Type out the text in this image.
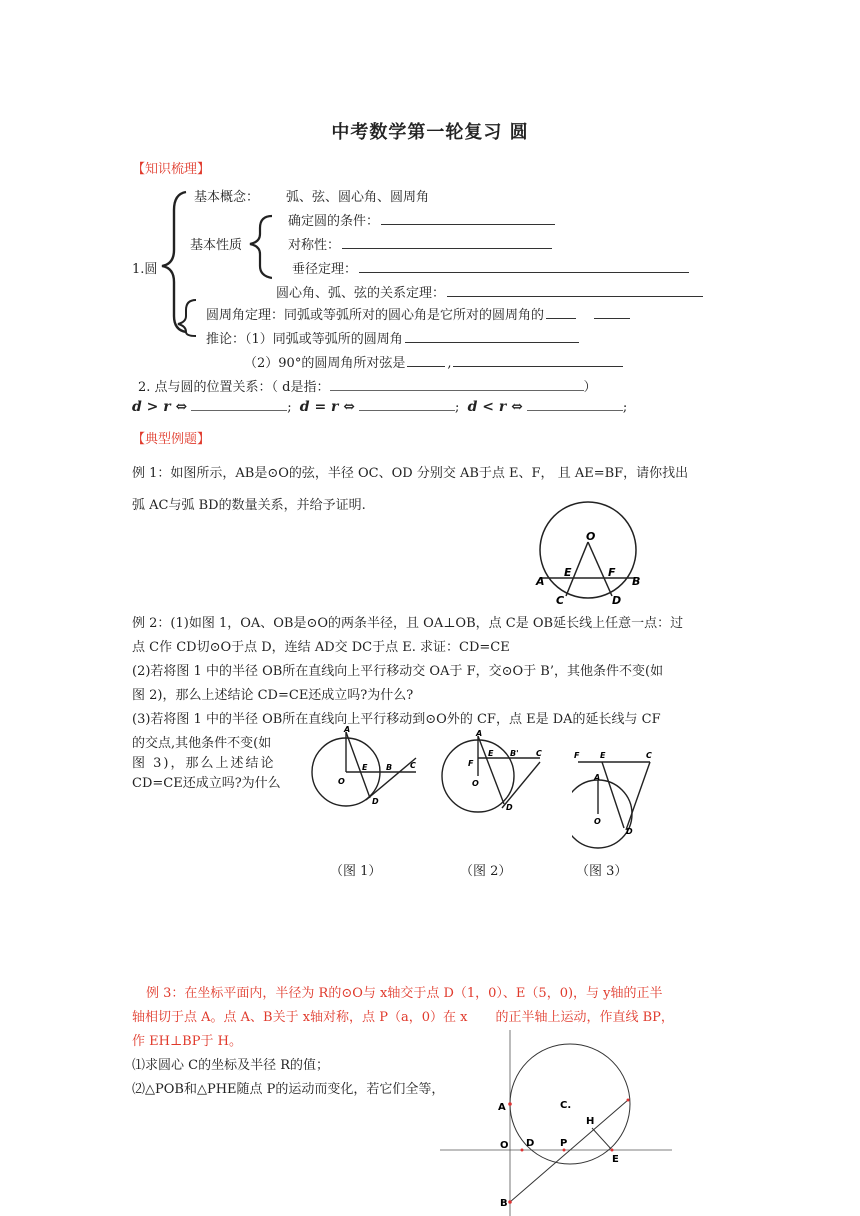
中考数学第一轮复习 圆
【知识梳理】
1.圆
基本概念： 弧、弦、圆心角、圆周角
基本性质
确定圆的条件：
对称性：
垂径定理：
圆心角、弧、弦的关系定理：
圆周角定理：同弧或等弧所对的圆心角是它所对的圆周角的
推论：（1）同弧或等弧所的圆周角
（2）90°的圆周角所对弦是	,
2. 点与圆的位置关系：（ d是指：	）
d > r ⇔	; d = r ⇔	; d < r ⇔	;
【典型例题】
例 1：如图所示，AB是⊙O的弦，半径 OC、OD 分别交 AB于点 E、F， 且 AE=BF，请你找出
弧 AC与弧 BD的数量关系，并给予证明.
O
A
E	F
B
C	D
例 2：(1)如图 1，OA、OB是⊙O的两条半径，且 OA⊥OB，点 C是 OB延长线上任意一点：过
点 C作 CD切⊙O于点 D，连结 AD交 DC于点 E. 求证：CD=CE
(2)若将图 1 中的半径 OB所在直线向上平行移动交 OA于 F，交⊙O于 B’，其他条件不变(如
图 2)，那么上述结论 CD=CE还成立吗?为什么?
(3)若将图 1 中的半径 OB所在直线向上平行移动到⊙O外的 CF，点 E是 DA的延长线与 CF
的交点,其他条件不变(如
图 3)，那么上述结论
CD=CE还成立吗?为什么
A
O
E B C
D
A
F
O
E B' C
D
F	E	C
A
O
D
（图 1）	（图 2）	（图 3）
例 3：在坐标平面内，半径为 R的⊙O与 x轴交于点 D（1，0）、E（5，0)，与 y轴的正半
轴相切于点 A。点 A、B关于 x轴对称，点 P（a，0）在 x 的正半轴上运动，作直线 BP，
作 EH⊥BP于 H。
⑴求圆心 C的坐标及半径 R的值；
⑵△POB和△PHE随点 P的运动而变化，若它们全等，
A	C.
H
O D	P
E
B
